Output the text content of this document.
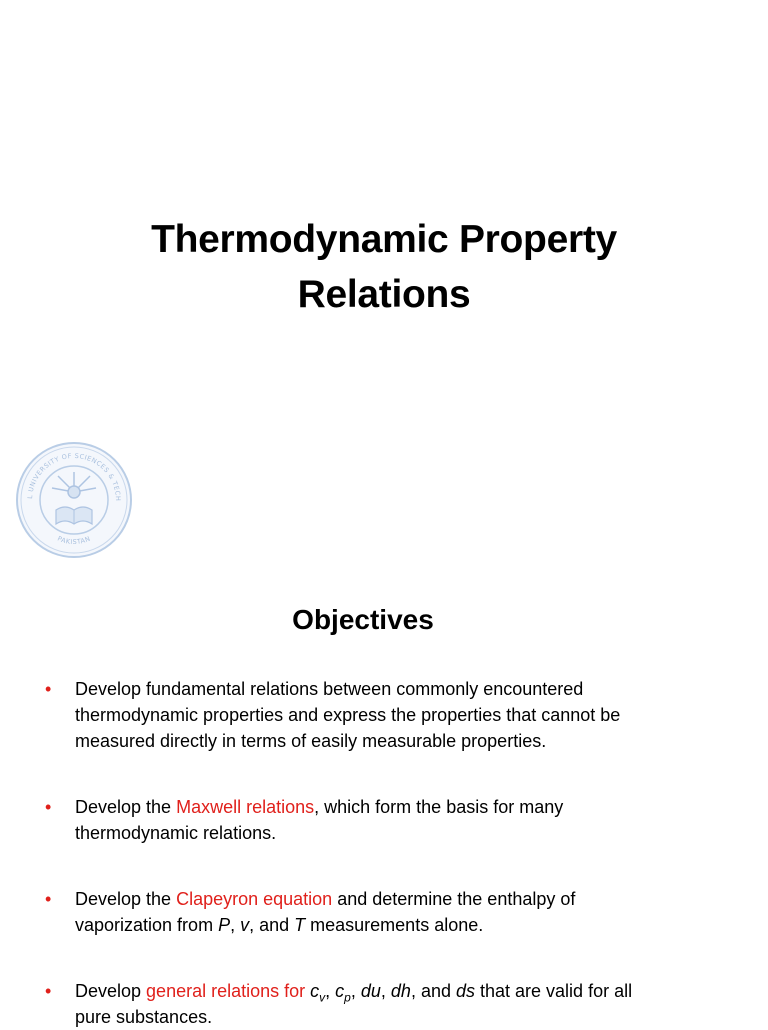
Thermodynamic Property
Relations
L UNIVERSITY OF SCIENCES & TECH
PAKISTAN
Objectives
• Develop fundamental relations between commonly encountered
thermodynamic properties and express the properties that cannot be
measured directly in terms of easily measurable properties.
• Develop the Maxwell relations, which form the basis for many
thermodynamic relations.
• Develop the Clapeyron equation and determine the enthalpy of
vaporization from P, v, and T measurements alone.
• Develop general relations for $c_v$, $c_p$, du, dh, and ds that are valid for all
pure substances.
